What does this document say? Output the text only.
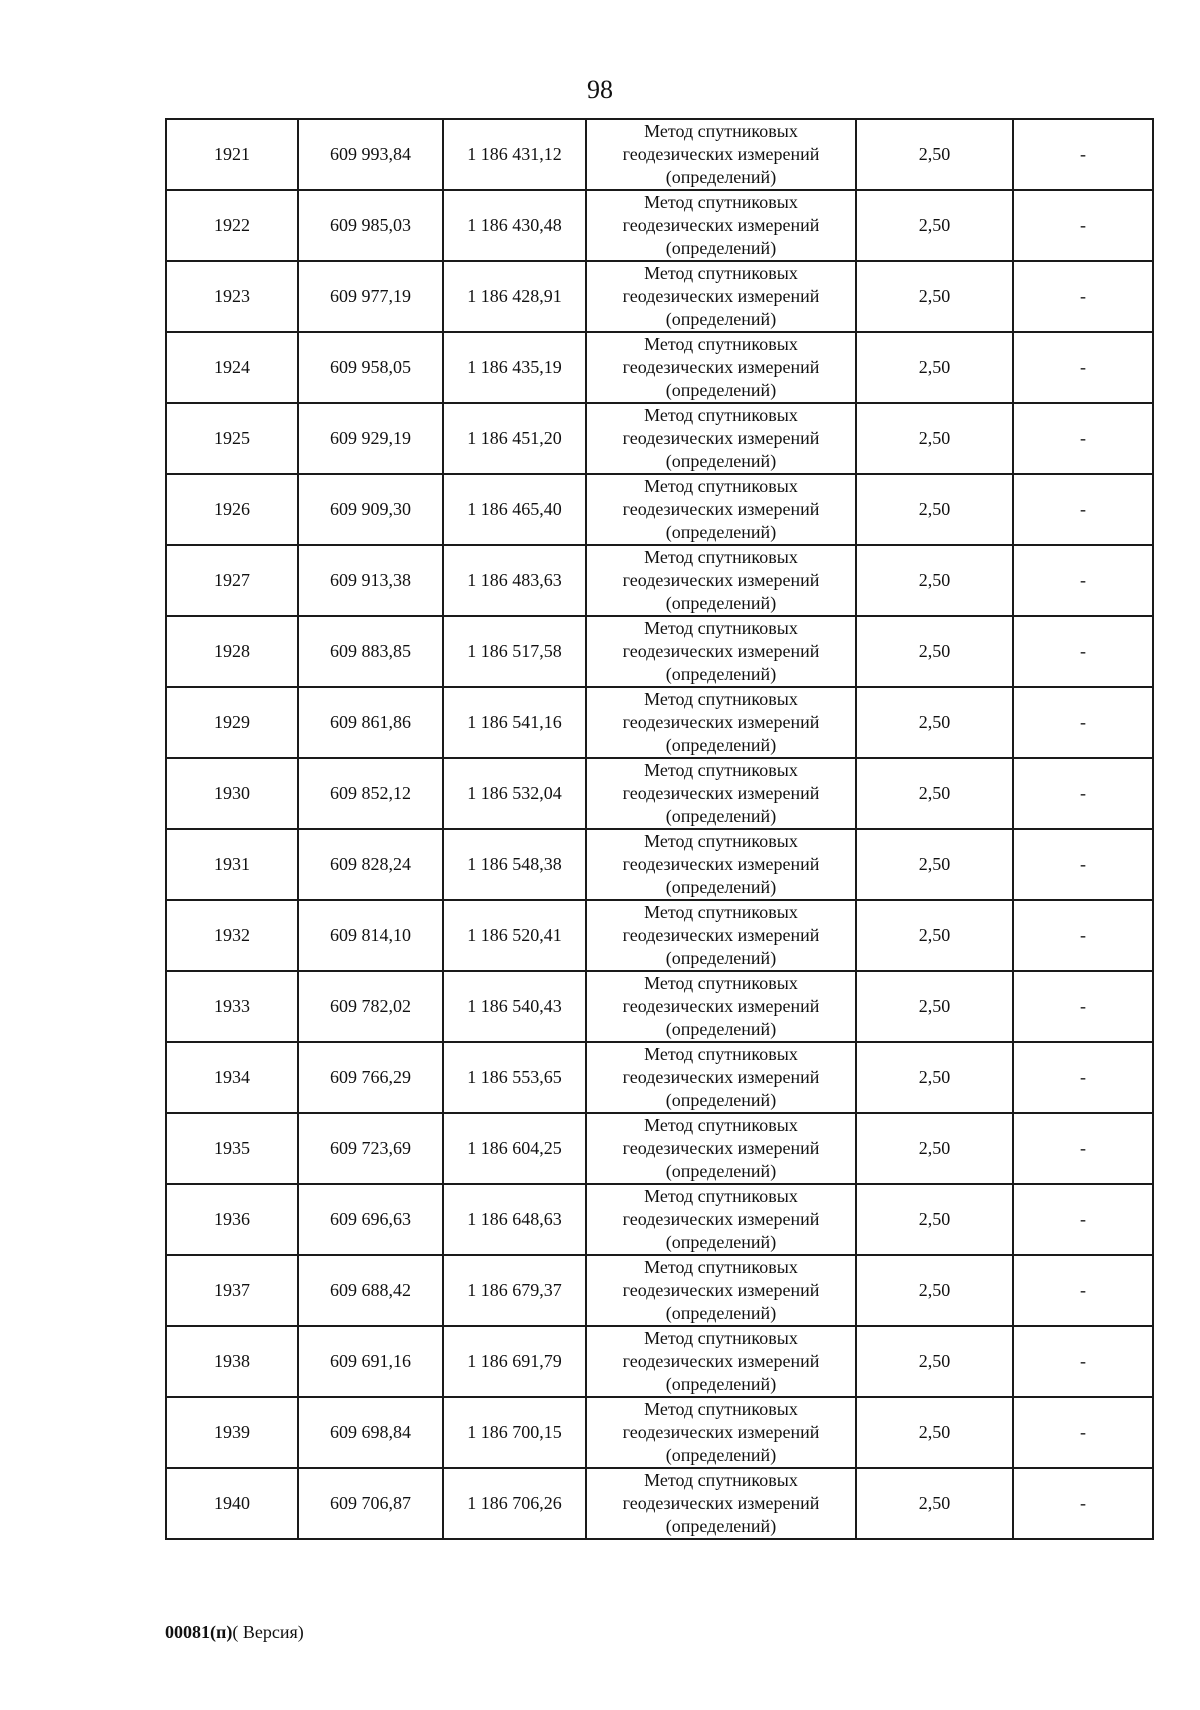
98
1921	609 993,84	1 186 431,12	Метод спутниковых
геодезических измерений
(определений)	2,50	-
1922	609 985,03	1 186 430,48	Метод спутниковых
геодезических измерений
(определений)	2,50	-
1923	609 977,19	1 186 428,91	Метод спутниковых
геодезических измерений
(определений)	2,50	-
1924	609 958,05	1 186 435,19	Метод спутниковых
геодезических измерений
(определений)	2,50	-
1925	609 929,19	1 186 451,20	Метод спутниковых
геодезических измерений
(определений)	2,50	-
1926	609 909,30	1 186 465,40	Метод спутниковых
геодезических измерений
(определений)	2,50	-
1927	609 913,38	1 186 483,63	Метод спутниковых
геодезических измерений
(определений)	2,50	-
1928	609 883,85	1 186 517,58	Метод спутниковых
геодезических измерений
(определений)	2,50	-
1929	609 861,86	1 186 541,16	Метод спутниковых
геодезических измерений
(определений)	2,50	-
1930	609 852,12	1 186 532,04	Метод спутниковых
геодезических измерений
(определений)	2,50	-
1931	609 828,24	1 186 548,38	Метод спутниковых
геодезических измерений
(определений)	2,50	-
1932	609 814,10	1 186 520,41	Метод спутниковых
геодезических измерений
(определений)	2,50	-
1933	609 782,02	1 186 540,43	Метод спутниковых
геодезических измерений
(определений)	2,50	-
1934	609 766,29	1 186 553,65	Метод спутниковых
геодезических измерений
(определений)	2,50	-
1935	609 723,69	1 186 604,25	Метод спутниковых
геодезических измерений
(определений)	2,50	-
1936	609 696,63	1 186 648,63	Метод спутниковых
геодезических измерений
(определений)	2,50	-
1937	609 688,42	1 186 679,37	Метод спутниковых
геодезических измерений
(определений)	2,50	-
1938	609 691,16	1 186 691,79	Метод спутниковых
геодезических измерений
(определений)	2,50	-
1939	609 698,84	1 186 700,15	Метод спутниковых
геодезических измерений
(определений)	2,50	-
1940	609 706,87	1 186 706,26	Метод спутниковых
геодезических измерений
(определений)	2,50	-
00081(п)( Версия)
